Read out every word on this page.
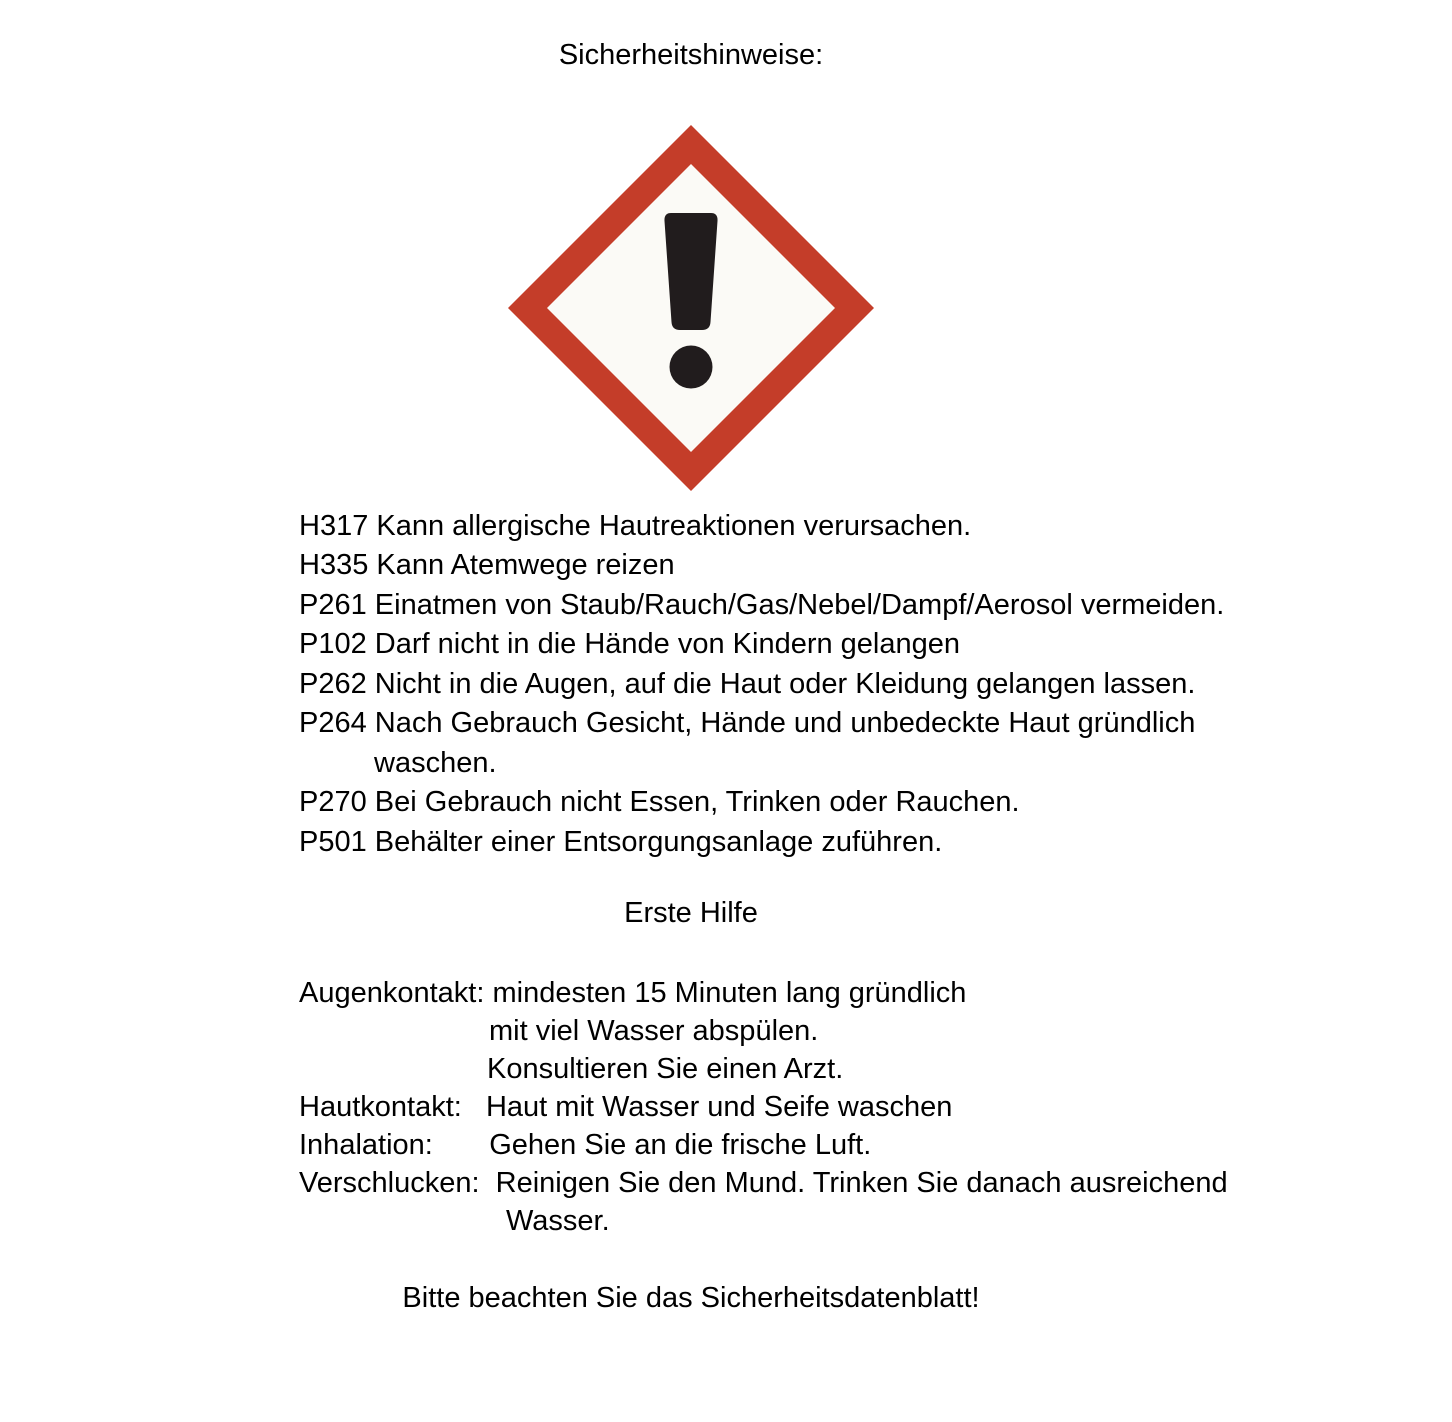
Sicherheitshinweise:
H317 Kann allergische Hautreaktionen verursachen.
H335 Kann Atemwege reizen
P261 Einatmen von Staub/Rauch/Gas/Nebel/Dampf/Aerosol vermeiden.
P102 Darf nicht in die Hände von Kindern gelangen
P262 Nicht in die Augen, auf die Haut oder Kleidung gelangen lassen.
P264 Nach Gebrauch Gesicht, Hände und unbedeckte Haut gründlich
waschen.
P270 Bei Gebrauch nicht Essen, Trinken oder Rauchen.
P501 Behälter einer Entsorgungsanlage zuführen.
Erste Hilfe
Augenkontakt: mindesten 15 Minuten lang gründlich
mit viel Wasser abspülen.
Konsultieren Sie einen Arzt.
Hautkontakt:   Haut mit Wasser und Seife waschen
Inhalation:       Gehen Sie an die frische Luft.
Verschlucken:  Reinigen Sie den Mund. Trinken Sie danach ausreichend
Wasser.
Bitte beachten Sie das Sicherheitsdatenblatt!
